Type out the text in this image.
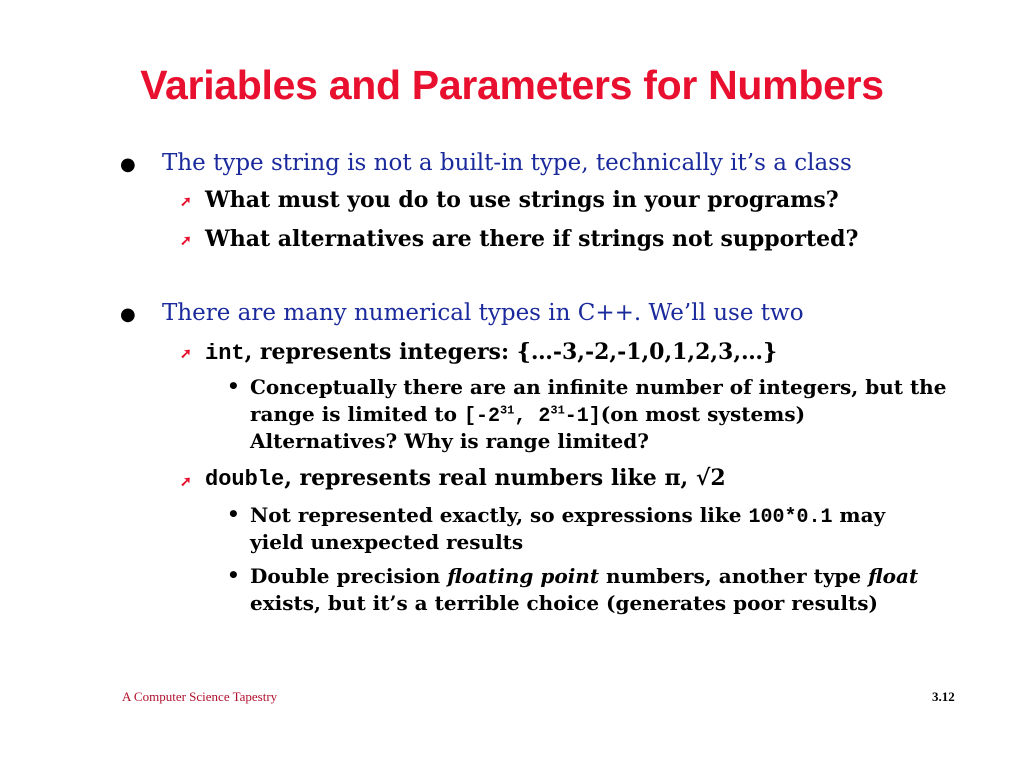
Variables and Parameters for Numbers
● The type string is not a built-in type, technically it’s a class
➚ What must you do to use strings in your programs?
➚ What alternatives are there if strings not supported?
● There are many numerical types in C++. We’ll use two
➚ int, represents integers: {…-3,-2,-1,0,1,2,3,…}
• Conceptually there are an infinite number of integers, but the
range is limited to [$-2^{31}$, $2^{31}-1](on$ most systems)
Alternatives? Why is range limited?
➚ double, represents real numbers like π, √2
• Not represented exactly, so expressions like 100*0.1 may
yield unexpected results
• Double precision floating point numbers, another type float
exists, but it’s a terrible choice (generates poor results)
A Computer Science Tapestry	3.12
